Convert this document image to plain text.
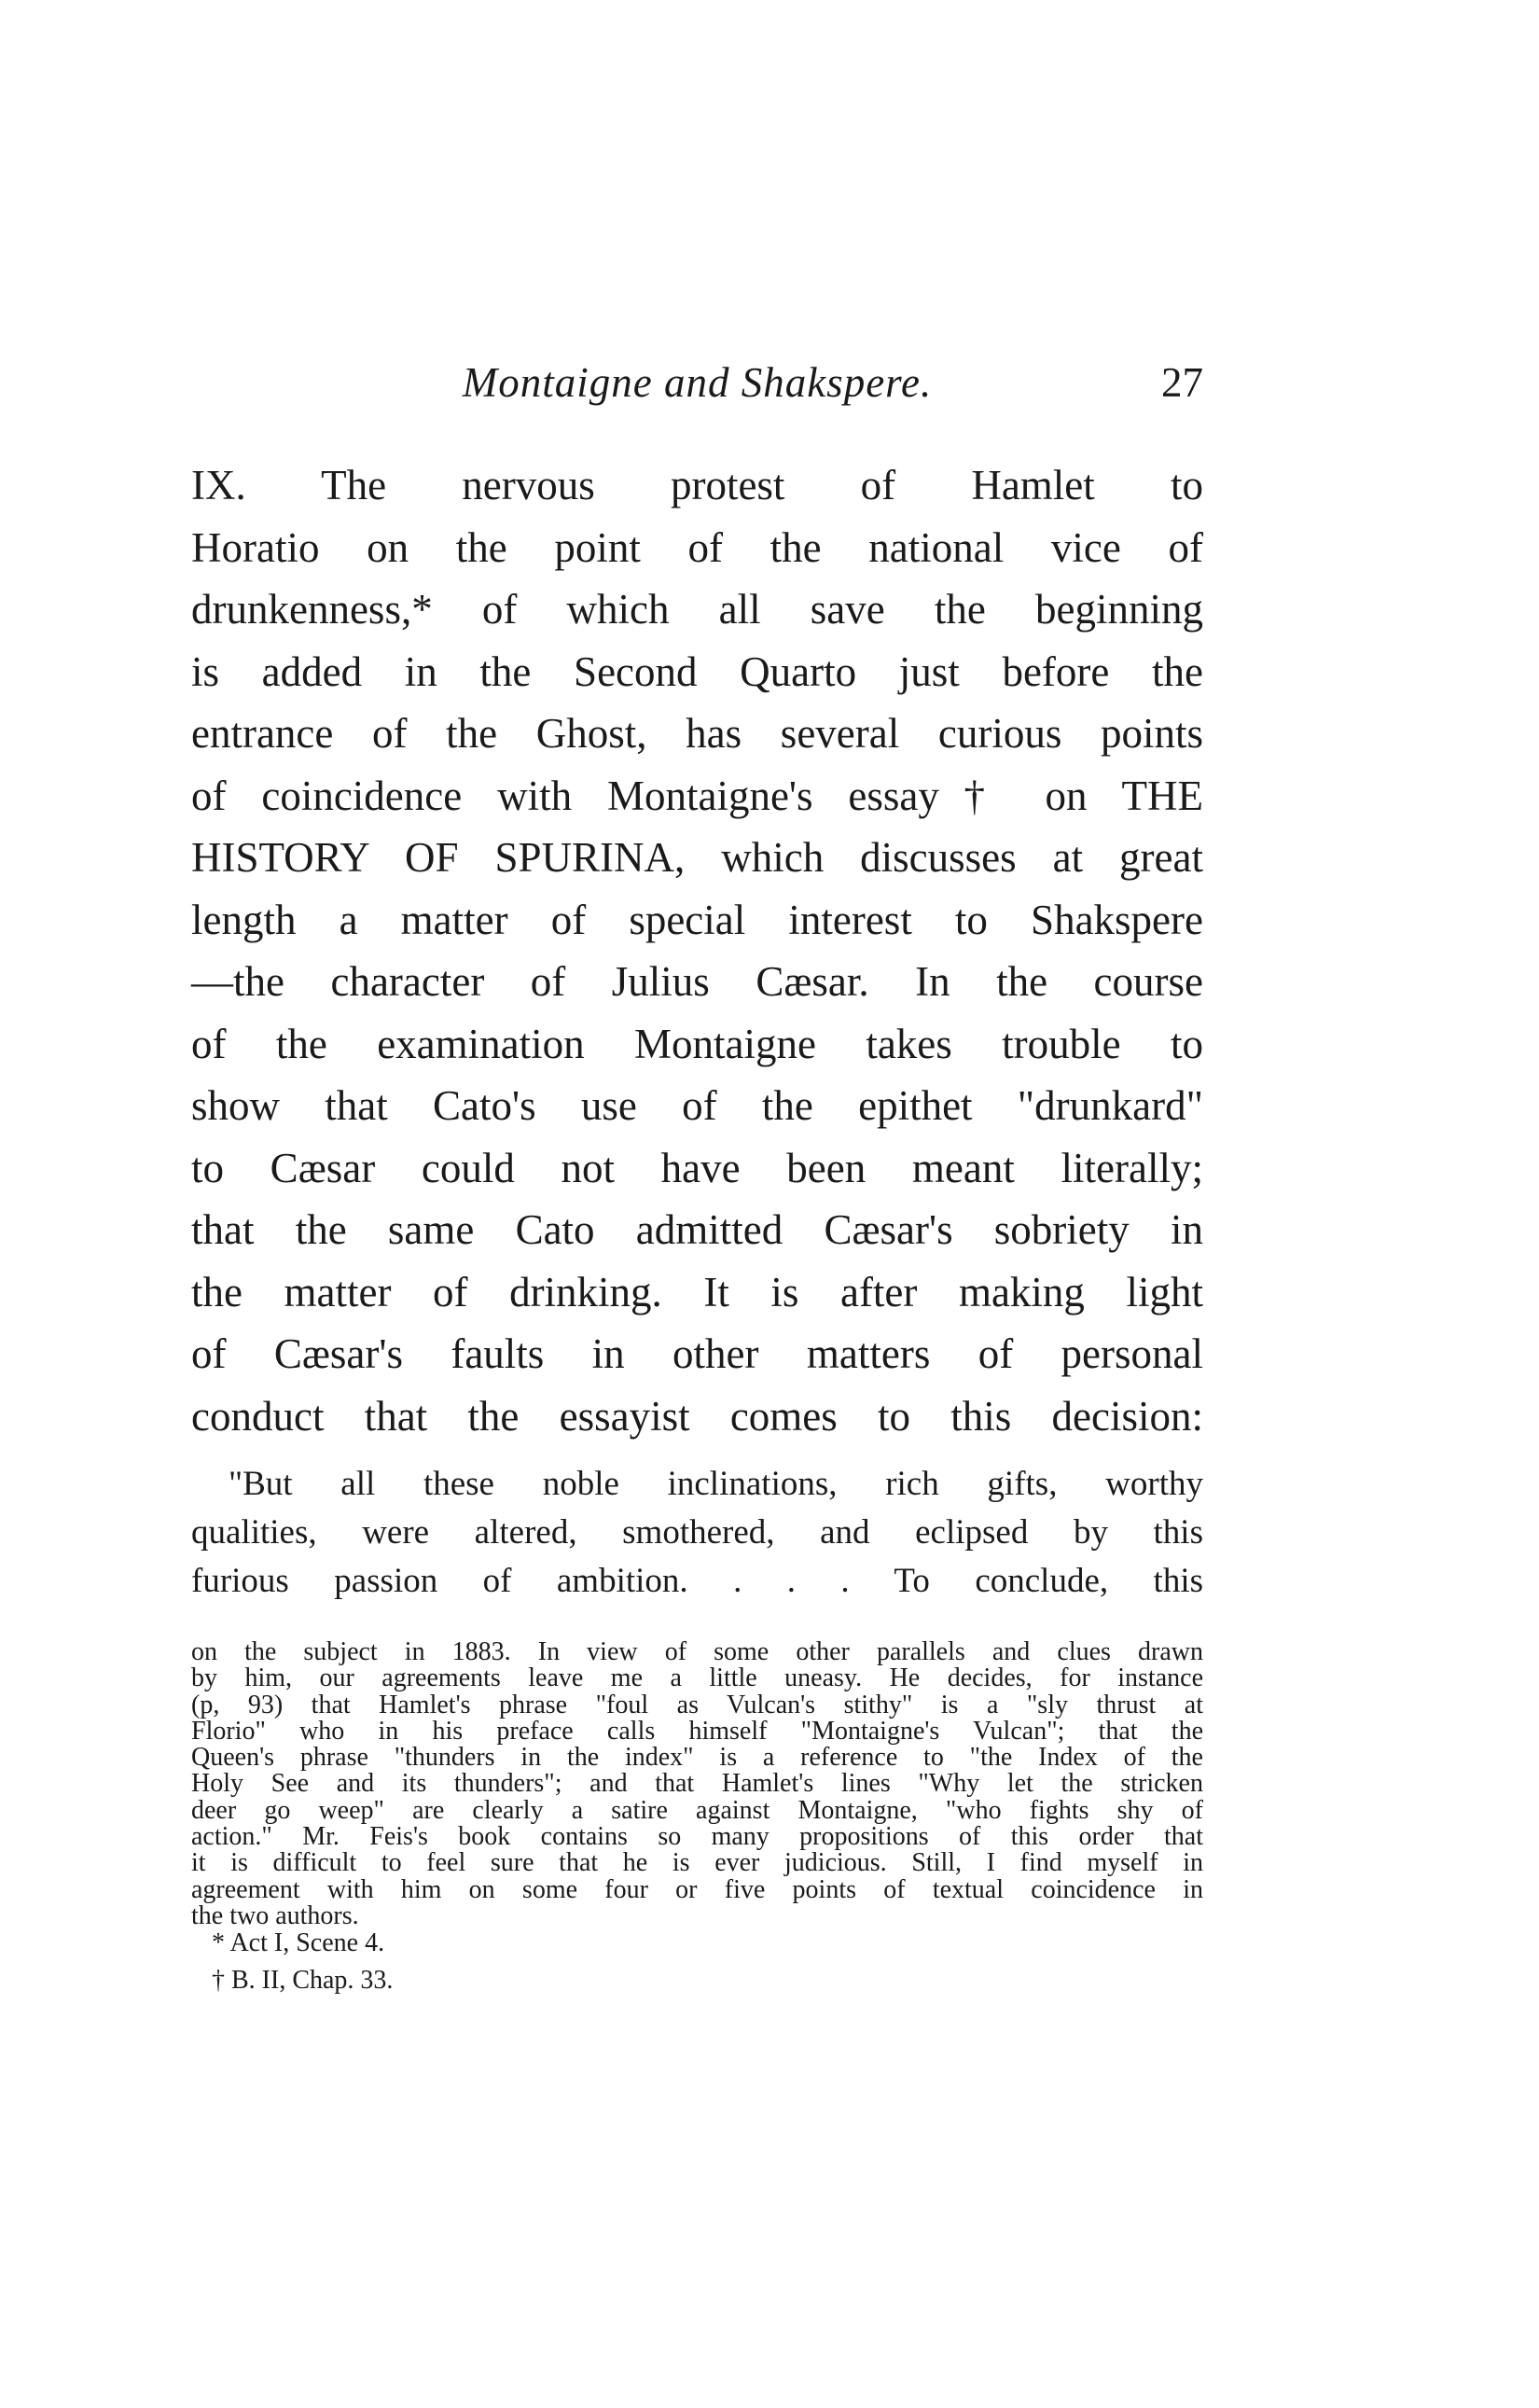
Montaigne and Shakspere.	27
IX. The nervous protest of Hamlet to
Horatio on the point of the national vice of
drunkenness,* of which all save the beginning
is added in the Second Quarto just before the
entrance of the Ghost, has several curious points
of coincidence with Montaigne's essay† on THE
HISTORY OF SPURINA, which discusses at great
length a matter of special interest to Shakspere
—the character of Julius Cæsar. In the course
of the examination Montaigne takes trouble to
show that Cato's use of the epithet "drunkard"
to Cæsar could not have been meant literally;
that the same Cato admitted Cæsar's sobriety in
the matter of drinking. It is after making light
of Cæsar's faults in other matters of personal
conduct that the essayist comes to this decision:
"But all these noble inclinations, rich gifts, worthy
qualities, were altered, smothered, and eclipsed by this
furious passion of ambition. . . . To conclude, this
on the subject in 1883. In view of some other parallels and clues drawn
by him, our agreements leave me a little uneasy. He decides, for instance
(p, 93) that Hamlet's phrase "foul as Vulcan's stithy" is a "sly thrust at
Florio" who in his preface calls himself "Montaigne's Vulcan"; that the
Queen's phrase "thunders in the index" is a reference to "the Index of the
Holy See and its thunders"; and that Hamlet's lines "Why let the stricken
deer go weep" are clearly a satire against Montaigne, "who fights shy of
action." Mr. Feis's book contains so many propositions of this order that
it is difficult to feel sure that he is ever judicious. Still, I find myself in
agreement with him on some four or five points of textual coincidence in
the two authors.
* Act I, Scene 4.
† B. II, Chap. 33.
